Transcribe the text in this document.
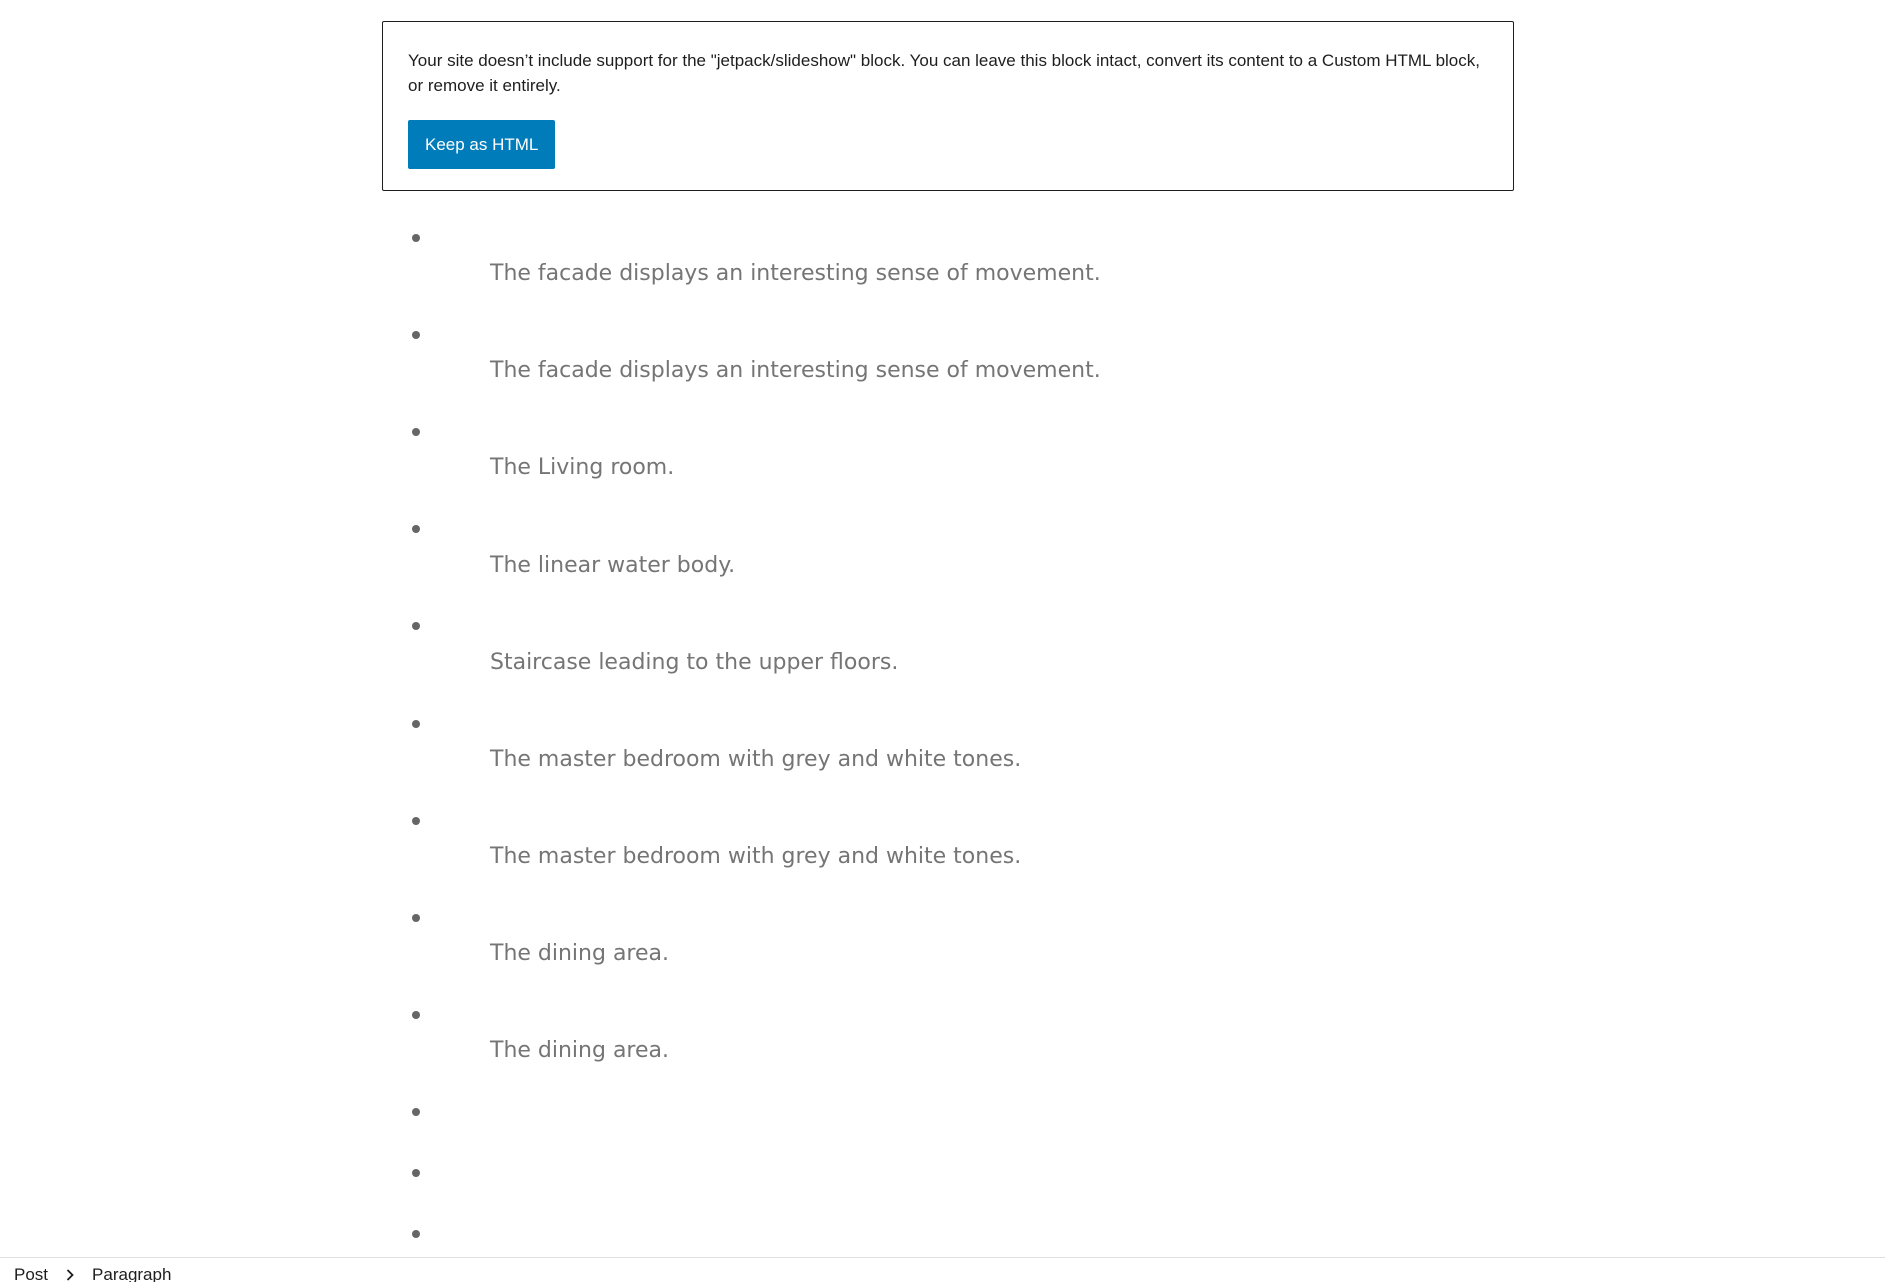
Your site doesn’t include support for the "jetpack/slideshow" block. You can leave this block intact, convert its content to a Custom HTML block, or remove it entirely.
Keep as HTML
The facade displays an interesting sense of movement.
The facade displays an interesting sense of movement.
The Living room.
The linear water body.
Staircase leading to the upper floors.
The master bedroom with grey and white tones.
The master bedroom with grey and white tones.
The dining area.
The dining area.
Post	Paragraph
